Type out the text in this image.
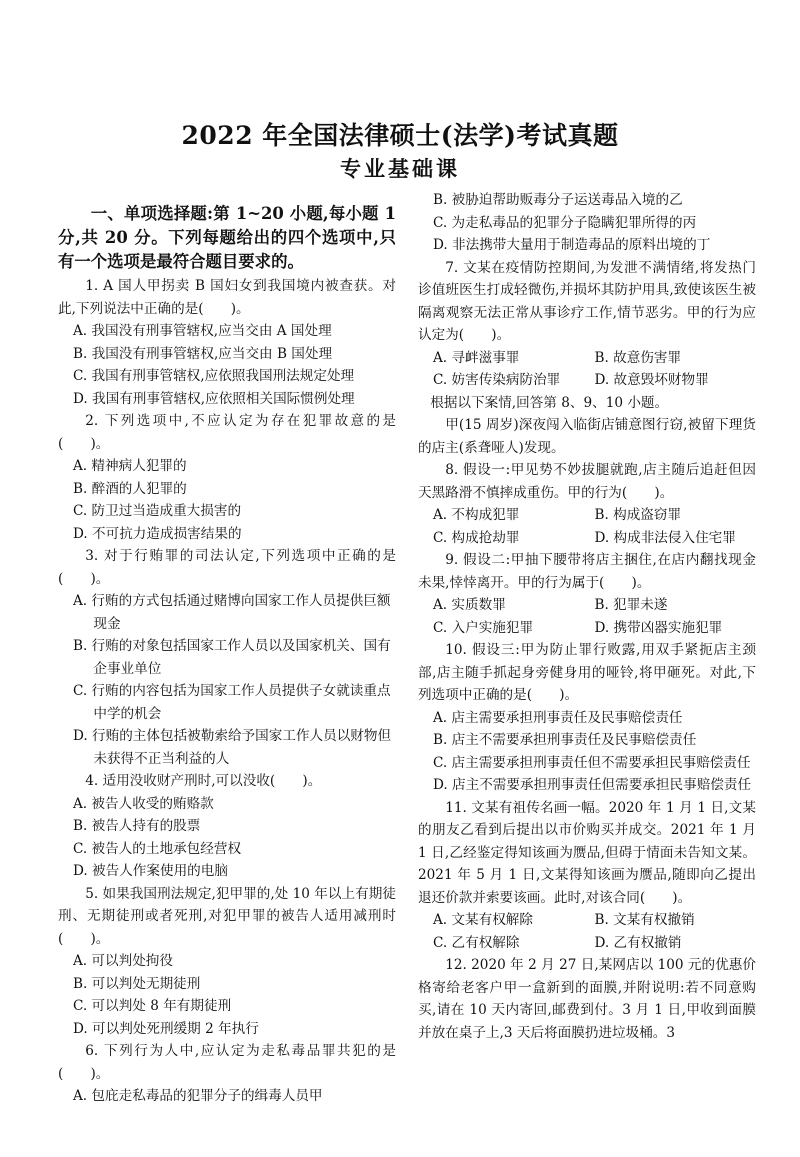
2022 年全国法律硕士(法学)考试真题
专业基础课

一、单项选择题:第 1~20 小题,每小题 1 分,共 20 分。下列每题给出的四个选项中,只有一个选项是最符合题目要求的。

1. A 国人甲拐卖 B 国妇女到我国境内被查获。对此,下列说法中正确的是(　　)。

A. 我国没有刑事管辖权,应当交由 A 国处理

B. 我国没有刑事管辖权,应当交由 B 国处理

C. 我国有刑事管辖权,应依照我国刑法规定处理

D. 我国有刑事管辖权,应依照相关国际惯例处理

2. 下列选项中,不应认定为存在犯罪故意的是(　　)。

A. 精神病人犯罪的

B. 醉酒的人犯罪的

C. 防卫过当造成重大损害的

D. 不可抗力造成损害结果的

3. 对于行贿罪的司法认定,下列选项中正确的是(　　)。

A. 行贿的方式包括通过赌博向国家工作人员提供巨额现金

B. 行贿的对象包括国家工作人员以及国家机关、国有企事业单位

C. 行贿的内容包括为国家工作人员提供子女就读重点中学的机会

D. 行贿的主体包括被勒索给予国家工作人员以财物但未获得不正当利益的人

4. 适用没收财产刑时,可以没收(　　)。

A. 被告人收受的贿赂款

B. 被告人持有的股票

C. 被告人的土地承包经营权

D. 被告人作案使用的电脑

5. 如果我国刑法规定,犯甲罪的,处 10 年以上有期徒刑、无期徒刑或者死刑,对犯甲罪的被告人适用减刑时(　　)。

A. 可以判处拘役

B. 可以判处无期徒刑

C. 可以判处 8 年有期徒刑

D. 可以判处死刑缓期 2 年执行

6. 下列行为人中,应认定为走私毒品罪共犯的是(　　)。

A. 包庇走私毒品的犯罪分子的缉毒人员甲

B. 被胁迫帮助贩毒分子运送毒品入境的乙

C. 为走私毒品的犯罪分子隐瞒犯罪所得的丙

D. 非法携带大量用于制造毒品的原料出境的丁

7. 文某在疫情防控期间,为发泄不满情绪,将发热门诊值班医生打成轻微伤,并损坏其防护用具,致使该医生被隔离观察无法正常从事诊疗工作,情节恶劣。甲的行为应认定为(　　)。

A. 寻衅滋事罪	B. 故意伤害罪
C. 妨害传染病防治罪	D. 故意毁坏财物罪

根据以下案情,回答第 8、9、10 小题。

甲(15 周岁)深夜闯入临街店铺意图行窃,被留下理货的店主(系聋哑人)发现。

8. 假设一:甲见势不妙拔腿就跑,店主随后追赶但因天黑路滑不慎摔成重伤。甲的行为(　　)。

A. 不构成犯罪	B. 构成盗窃罪
C. 构成抢劫罪	D. 构成非法侵入住宅罪

9. 假设二:甲抽下腰带将店主捆住,在店内翻找现金未果,悻悻离开。甲的行为属于(　　)。

A. 实质数罪	B. 犯罪未遂
C. 入户实施犯罪	D. 携带凶器实施犯罪

10. 假设三:甲为防止罪行败露,用双手紧扼店主颈部,店主随手抓起身旁健身用的哑铃,将甲砸死。对此,下列选项中正确的是(　　)。

A. 店主需要承担刑事责任及民事赔偿责任

B. 店主不需要承担刑事责任及民事赔偿责任

C. 店主需要承担刑事责任但不需要承担民事赔偿责任

D. 店主不需要承担刑事责任但需要承担民事赔偿责任

11. 文某有祖传名画一幅。2020 年 1 月 1 日,文某的朋友乙看到后提出以市价购买并成交。2021 年 1 月 1 日,乙经鉴定得知该画为赝品,但碍于情面未告知文某。2021 年 5 月 1 日,文某得知该画为赝品,随即向乙提出退还价款并索要该画。此时,对该合同(　　)。

A. 文某有权解除	B. 文某有权撤销
C. 乙有权解除	D. 乙有权撤销

12. 2020 年 2 月 27 日,某网店以 100 元的优惠价格寄给老客户甲一盒新到的面膜,并附说明:若不同意购买,请在 10 天内寄回,邮费到付。3 月 1 日,甲收到面膜并放在桌子上,3 天后将面膜扔进垃圾桶。3
